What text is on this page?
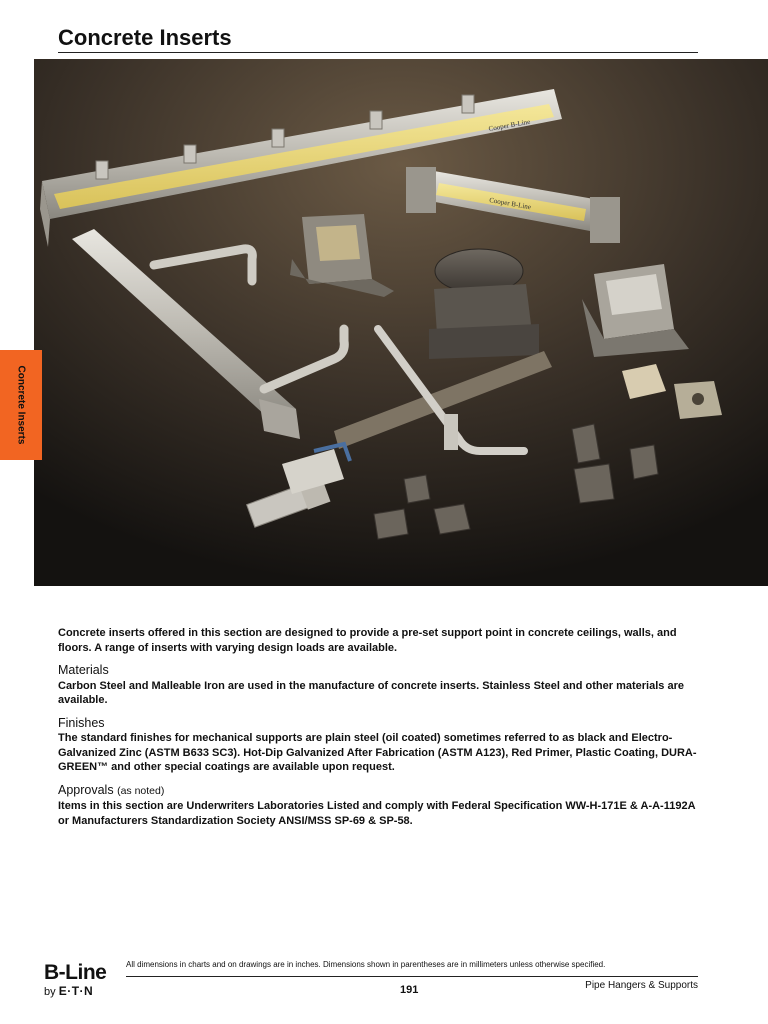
Concrete Inserts
Cooper B-Line
Cooper B-Line
Concrete Inserts

Concrete inserts offered in this section are designed to provide a pre-set support point in concrete ceilings, walls, and floors. A range of inserts with varying design loads are available.

Materials

Carbon Steel and Malleable Iron are used in the manufacture of concrete inserts. Stainless Steel and other materials are available.

Finishes

The standard finishes for mechanical supports are plain steel (oil coated) sometimes referred to as black and Electro-Galvanized Zinc (ASTM B633 SC3). Hot-Dip Galvanized After Fabrication (ASTM A123), Red Primer, Plastic Coating, DURA-GREEN™ and other special coatings are available upon request.

Approvals (as noted)

Items in this section are Underwriters Laboratories Listed and comply with Federal Specification WW-H-171E & A-A-1192A or Manufacturers Standardization Society ANSI/MSS SP-69 & SP-58.

B-Line
by E·T·N
All dimensions in charts and on drawings are in inches. Dimensions shown in parentheses are in millimeters unless otherwise specified.
191	Pipe Hangers & Supports
